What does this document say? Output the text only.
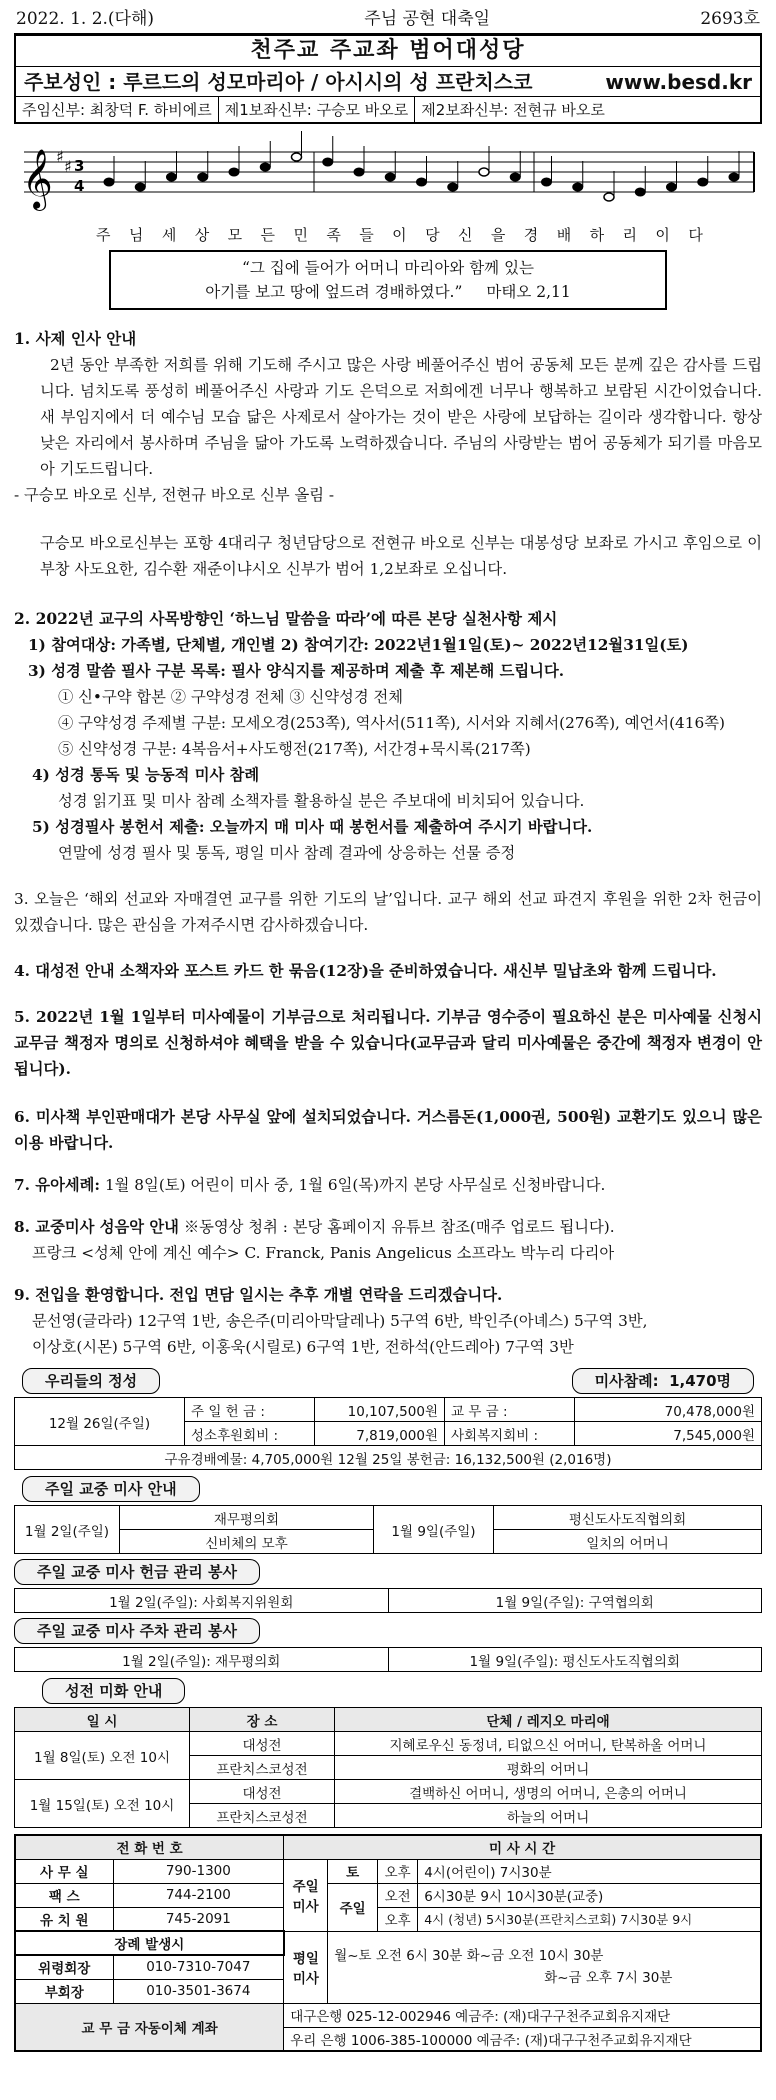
2022. 1. 2.(다해)	주님 공현 대축일	2693호
천주교 주교좌 범어대성당
주보성인 : 루르드의 성모마리아 / 아시시의 성 프란치스코	www.besd.kr
주임신부: 최창덕 F. 하비에르 제1보좌신부: 구승모 바오로 제2보좌신부: 전현규 바오로
𝄞 ♯
♯ 3
4
주 님 세 상 모 든 민 족 들 이 당 신 을 경 배 하 리 이 다
“그 집에 들어가 어머니 마리아와 함께 있는
아기를 보고 땅에 엎드려 경배하였다.” 마태오 2,11
1. 사제 인사 안내

2년 동안 부족한 저희를 위해 기도해 주시고 많은 사랑 베풀어주신 범어 공동체 모든 분께 깊은 감사를 드립니다. 넘치도록 풍성히 베풀어주신 사랑과 기도 은덕으로 저희에겐 너무나 행복하고 보람된 시간이었습니다. 새 부임지에서 더 예수님 모습 닮은 사제로서 살아가는 것이 받은 사랑에 보답하는 길이라 생각합니다. 항상 낮은 자리에서 봉사하며 주님을 닮아 가도록 노력하겠습니다. 주님의 사랑받는 범어 공동체가 되기를 마음모아 기도드립니다.

- 구승모 바오로 신부, 전현규 바오로 신부 올림 -

구승모 바오로신부는 포항 4대리구 청년담당으로 전현규 바오로 신부는 대봉성당 보좌로 가시고 후임으로 이부창 사도요한, 김수환 재준이냐시오 신부가 범어 1,2보좌로 오십니다.

2. 2022년 교구의 사목방향인 ‘하느님 말씀을 따라’에 따른 본당 실천사항 제시
1) 참여대상: 가족별, 단체별, 개인별 2) 참여기간: 2022년1월1일(토)~ 2022년12월31일(토)
3) 성경 말씀 필사 구분 목록: 필사 양식지를 제공하며 제출 후 제본해 드립니다.
① 신•구약 합본 ② 구약성경 전체 ③ 신약성경 전체
④ 구약성경 주제별 구분: 모세오경(253쪽), 역사서(511쪽), 시서와 지혜서(276쪽), 예언서(416쪽)
⑤ 신약성경 구분: 4복음서+사도행전(217쪽), 서간경+묵시록(217쪽)
4) 성경 통독 및 능동적 미사 참례
성경 읽기표 및 미사 참례 소책자를 활용하실 분은 주보대에 비치되어 있습니다.
5) 성경필사 봉헌서 제출: 오늘까지 매 미사 때 봉헌서를 제출하여 주시기 바랍니다.
연말에 성경 필사 및 통독, 평일 미사 참례 결과에 상응하는 선물 증정

3. 오늘은 ‘해외 선교와 자매결연 교구를 위한 기도의 날’입니다. 교구 해외 선교 파견지 후원을 위한 2차 헌금이 있겠습니다. 많은 관심을 가져주시면 감사하겠습니다.

4. 대성전 안내 소책자와 포스트 카드 한 묶음(12장)을 준비하였습니다. 새신부 밀납초와 함께 드립니다.

5. 2022년 1월 1일부터 미사예물이 기부금으로 처리됩니다. 기부금 영수증이 필요하신 분은 미사예물 신청시 교무금 책정자 명의로 신청하셔야 혜택을 받을 수 있습니다(교무금과 달리 미사예물은 중간에 책정자 변경이 안됩니다).

6. 미사책 부인판매대가 본당 사무실 앞에 설치되었습니다. 거스름돈(1,000권, 500원) 교환기도 있으니 많은 이용 바랍니다.

7. 유아세례: 1월 8일(토) 어린이 미사 중, 1월 6일(목)까지 본당 사무실로 신청바랍니다.
8. 교중미사 성음악 안내 ※동영상 청취 : 본당 홈페이지 유튜브 참조(매주 업로드 됩니다).
프랑크 <성체 안에 계신 예수> C. Franck, Panis Angelicus 소프라노 박누리 다리아
9. 전입을 환영합니다. 전입 면담 일시는 추후 개별 연락을 드리겠습니다.
문선영(글라라) 12구역 1반, 송은주(미리아막달레나) 5구역 6반, 박인주(아녜스) 5구역 3반,
이상호(시몬) 5구역 6반, 이홍욱(시릴로) 6구역 1반, 전하석(안드레아) 7구역 3반
우리들의 정성	미사참례: 1,470명
12월 26일(주일)	주 일 헌 금 :	10,107,500원	교 무 금 :	70,478,000원
	성소후원회비 :	7,819,000원	사회복지회비 :	7,545,000원
구유경배예물: 4,705,000원 12월 25일 봉헌금: 16,132,500원 (2,016명)				
주일 교중 미사 안내
1월 2일(주일)	재무평의회	1월 9일(주일)	평신도사도직협의회
	신비체의 모후		일치의 어머니
주일 교중 미사 헌금 관리 봉사
1월 2일(주일): 사회복지위원회	1월 9일(주일): 구역협의회
주일 교중 미사 주차 관리 봉사
1월 2일(주일): 재무평의회	1월 9일(주일): 평신도사도직협의회
성전 미화 안내
일 시	장 소	단체 / 레지오 마리애
1월 8일(토) 오전 10시	대성전	지혜로우신 동정녀, 티없으신 어머니, 탄복하올 어머니
	프란치스코성전	평화의 어머니
1월 15일(토) 오전 10시	대성전	결백하신 어머니, 생명의 어머니, 은총의 어머니
	프란치스코성전	하늘의 어머니
전 화 번 호		미 사 시 간			
사 무 실	790-1300	주일 미사	토	오후	4시(어린이) 7시30분
팩 스	744-2100		주일	오전	6시30분 9시 10시30분(교중)
유 치 원	745-2091			오후	4시 (청년) 5시30분(프란치스코회) 7시30분 9시
장례 발생시		평일 미사	월~토 오전 6시 30분 화~금 오전 10시 30분
화~금 오후 7시 30분		

위령회장	010-7310-7047				
부회장	010-3501-3674				
교 무 금 자동이체 계좌		대구은행 025-12-002946 예금주: (재)대구구천주교회유지재단			
		우리 은행 1006-385-100000 예금주: (재)대구구천주교회유지재단			
